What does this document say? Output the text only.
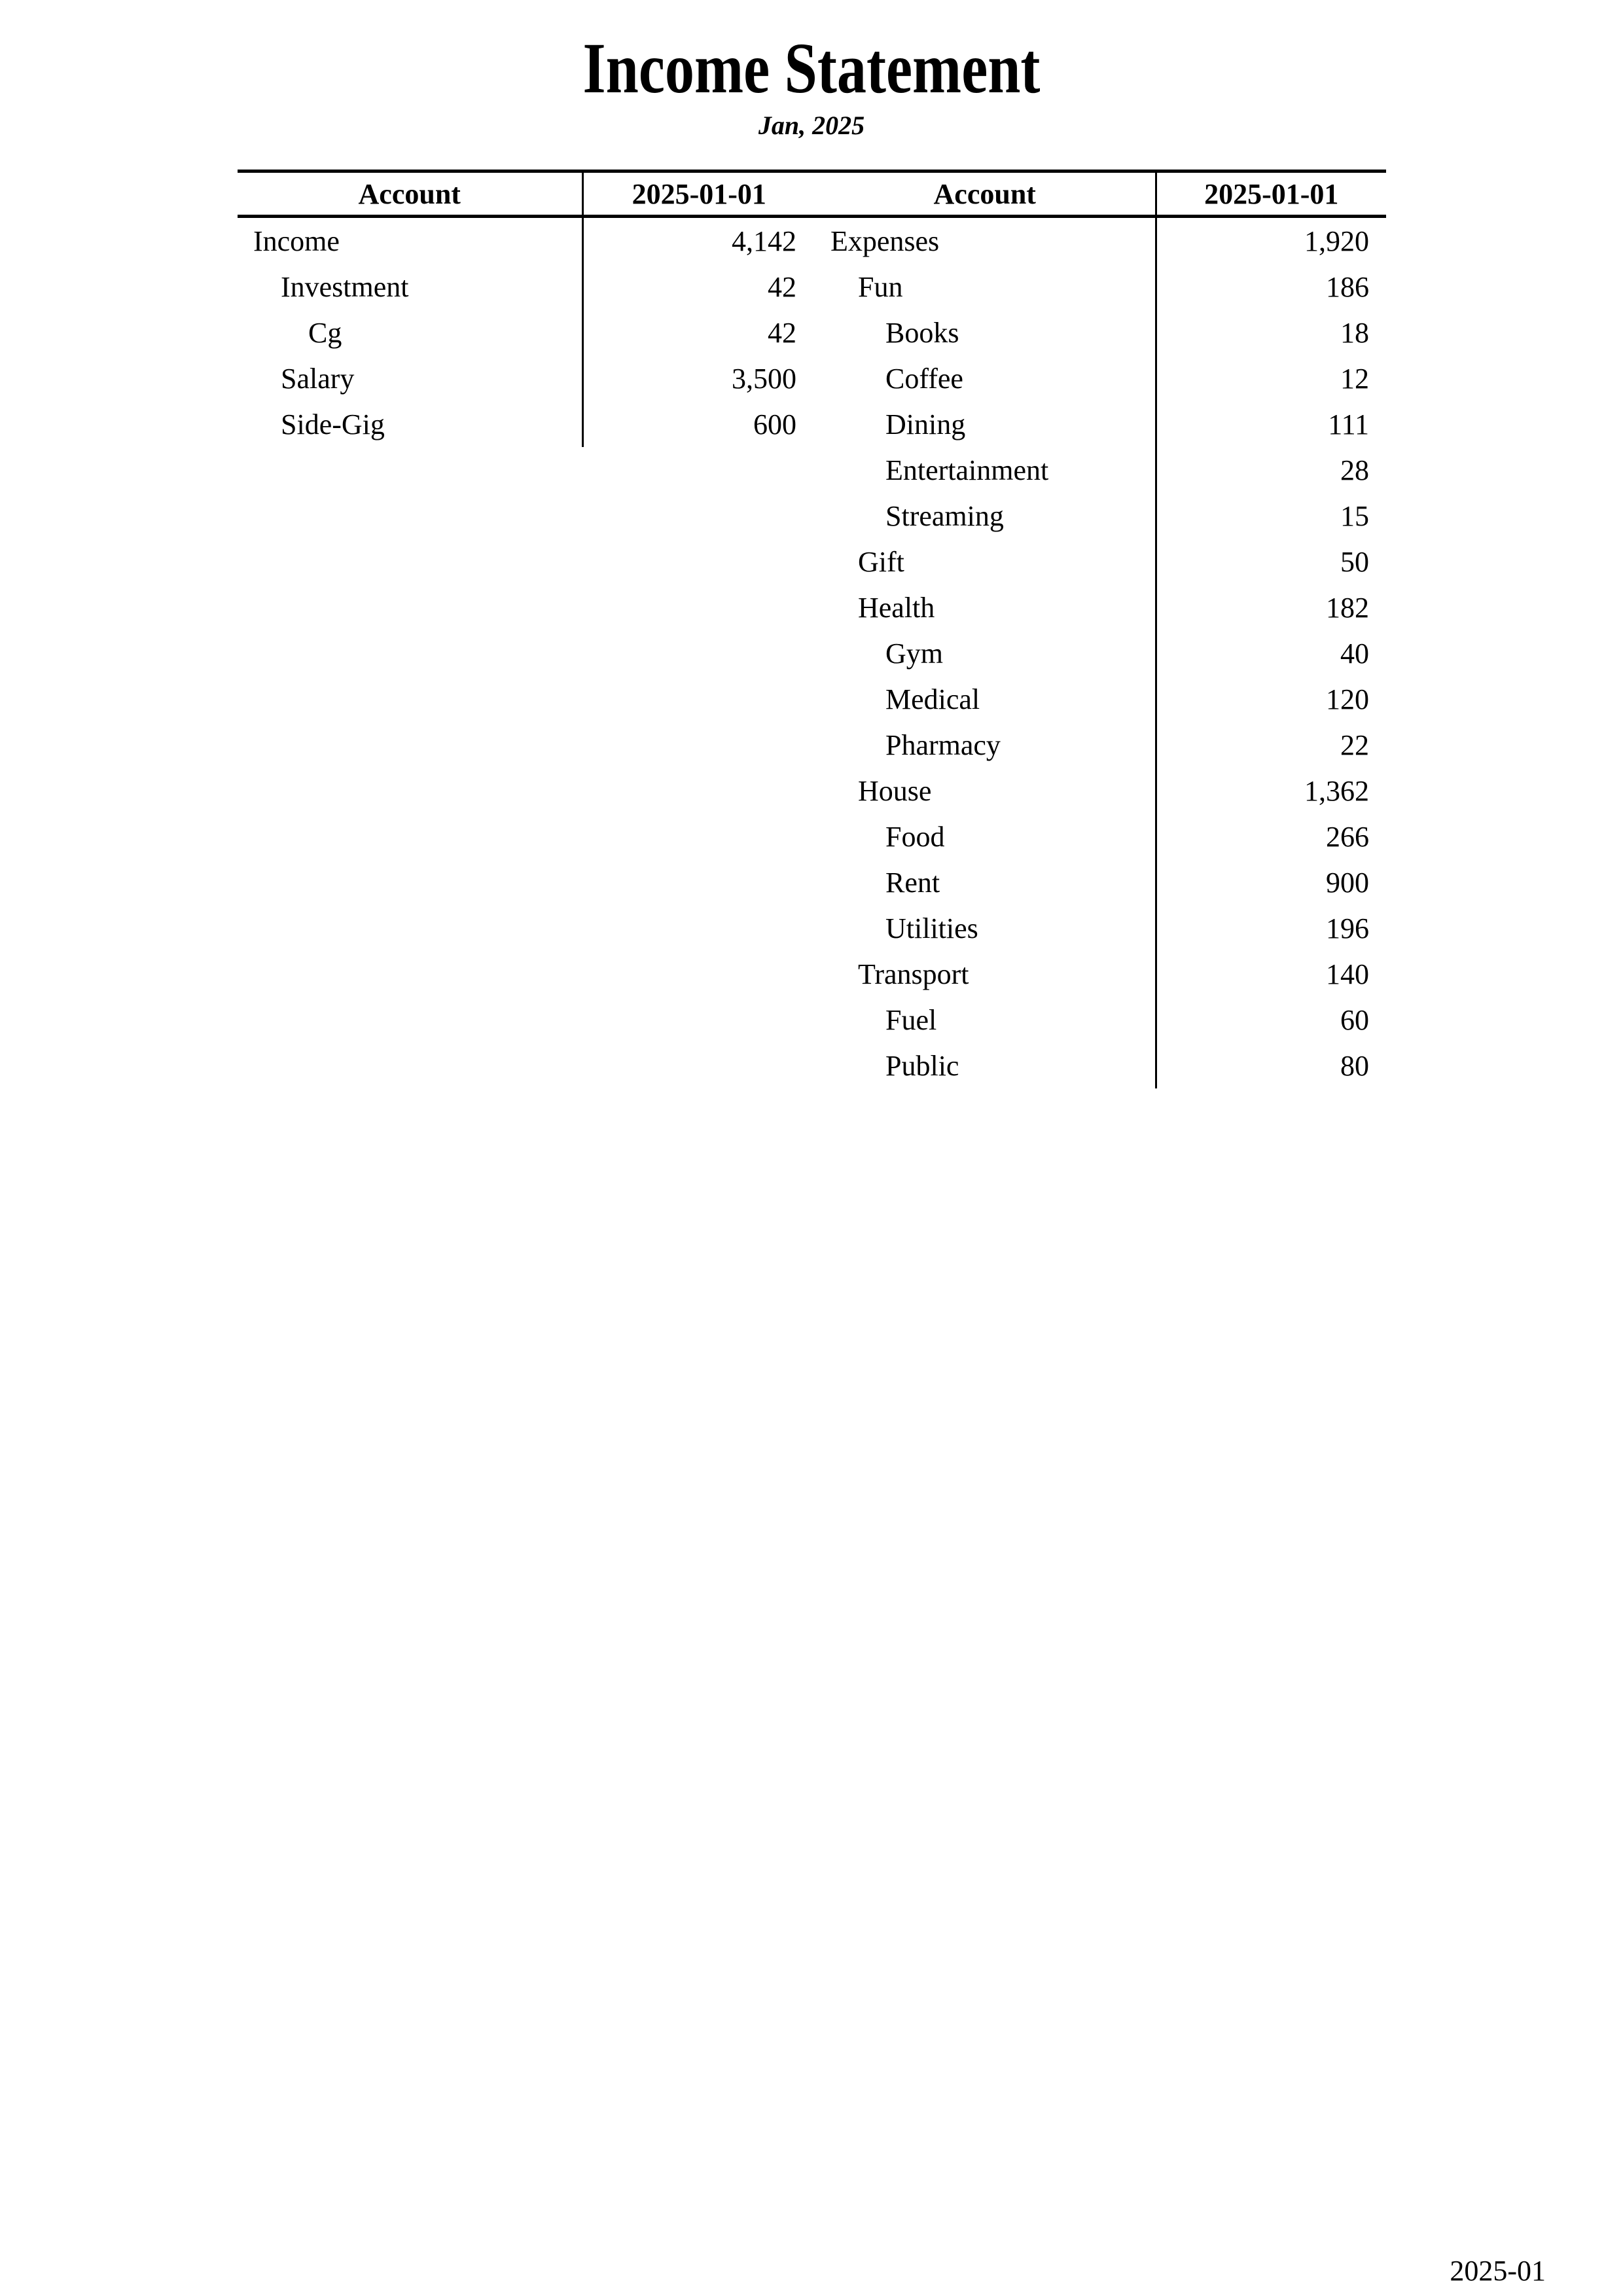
Income Statement
Jan, 2025
Account	2025-01-01	Account	2025-01-01
Income	4,142	Expenses	1,920
Investment	42	Fun	186
Cg	42	Books	18
Salary	3,500	Coffee	12
Side-Gig	600	Dining	111
		Entertainment	28
		Streaming	15
		Gift	50
		Health	182
		Gym	40
		Medical	120
		Pharmacy	22
		House	1,362
		Food	266
		Rent	900
		Utilities	196
		Transport	140
		Fuel	60
		Public	80
2025-01
